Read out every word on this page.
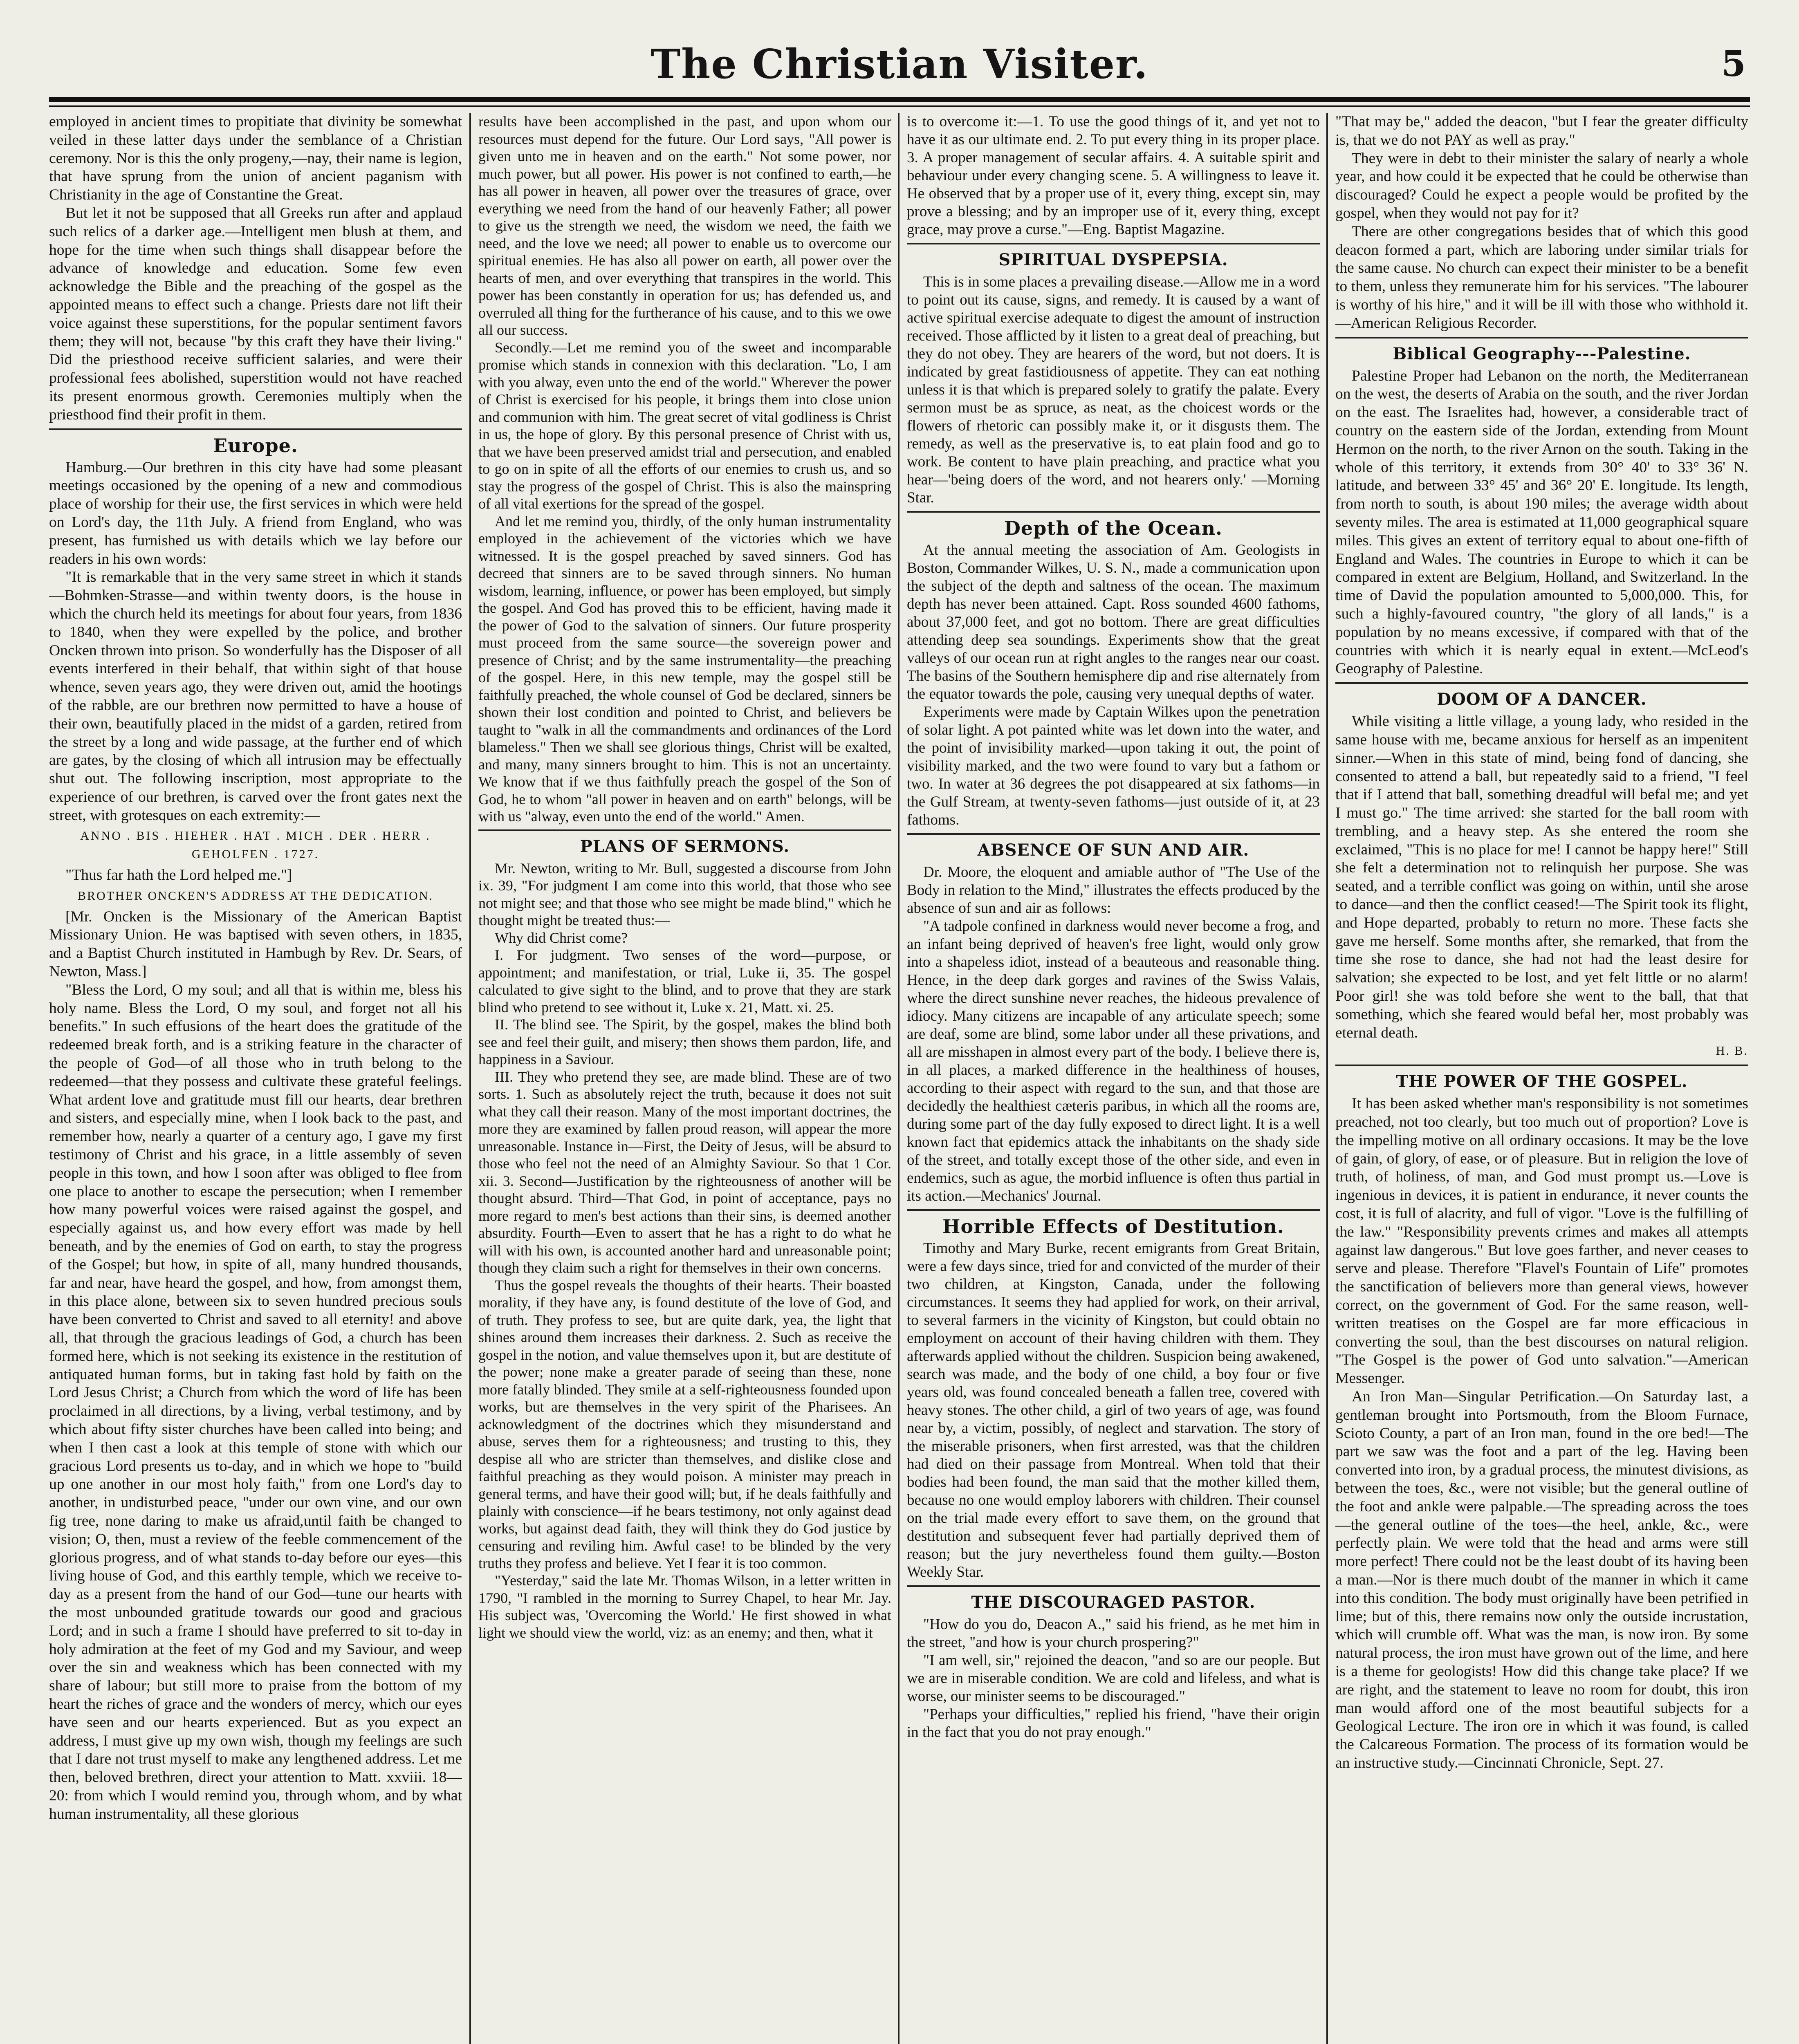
The Christian Visiter.	5

employed in ancient times to propitiate that divinity be somewhat veiled in these latter days under the semblance of a Christian ceremony. Nor is this the only progeny,—nay, their name is legion, that have sprung from the union of ancient paganism with Christianity in the age of Constantine the Great.

But let it not be supposed that all Greeks run after and applaud such relics of a darker age.—Intelligent men blush at them, and hope for the time when such things shall disappear before the advance of knowledge and education. Some few even acknowledge the Bible and the preaching of the gospel as the appointed means to effect such a change. Priests dare not lift their voice against these superstitions, for the popular sentiment favors them; they will not, because "by this craft they have their living." Did the priesthood receive sufficient salaries, and were their professional fees abolished, superstition would not have reached its present enormous growth. Ceremonies multiply when the priesthood find their profit in them.

Europe.

Hamburg.—Our brethren in this city have had some pleasant meetings occasioned by the opening of a new and commodious place of worship for their use, the first services in which were held on Lord's day, the 11th July. A friend from England, who was present, has furnished us with details which we lay before our readers in his own words:

"It is remarkable that in the very same street in which it stands—Bohmken-Strasse—and within twenty doors, is the house in which the church held its meetings for about four years, from 1836 to 1840, when they were expelled by the police, and brother Oncken thrown into prison. So wonderfully has the Disposer of all events interfered in their behalf, that within sight of that house whence, seven years ago, they were driven out, amid the hootings of the rabble, are our brethren now permitted to have a house of their own, beautifully placed in the midst of a garden, retired from the street by a long and wide passage, at the further end of which are gates, by the closing of which all intrusion may be effectually shut out. The following inscription, most appropriate to the experience of our brethren, is carved over the front gates next the street, with grotesques on each extremity:—

ANNO . BIS . HIEHER . HAT . MICH . DER . HERR . GEHOLFEN . 1727.

"Thus far hath the Lord helped me."]

BROTHER ONCKEN'S ADDRESS AT THE DEDICATION.

[Mr. Oncken is the Missionary of the American Baptist Missionary Union. He was baptised with seven others, in 1835, and a Baptist Church instituted in Hambugh by Rev. Dr. Sears, of Newton, Mass.]

"Bless the Lord, O my soul; and all that is within me, bless his holy name. Bless the Lord, O my soul, and forget not all his benefits." In such effusions of the heart does the gratitude of the redeemed break forth, and is a striking feature in the character of the people of God—of all those who in truth belong to the redeemed—that they possess and cultivate these grateful feelings. What ardent love and gratitude must fill our hearts, dear brethren and sisters, and especially mine, when I look back to the past, and remember how, nearly a quarter of a century ago, I gave my first testimony of Christ and his grace, in a little assembly of seven people in this town, and how I soon after was obliged to flee from one place to another to escape the persecution; when I remember how many powerful voices were raised against the gospel, and especially against us, and how every effort was made by hell beneath, and by the enemies of God on earth, to stay the progress of the Gospel; but how, in spite of all, many hundred thousands, far and near, have heard the gospel, and how, from amongst them, in this place alone, between six to seven hundred precious souls have been converted to Christ and saved to all eternity! and above all, that through the gracious leadings of God, a church has been formed here, which is not seeking its existence in the restitution of antiquated human forms, but in taking fast hold by faith on the Lord Jesus Christ; a Church from which the word of life has been proclaimed in all directions, by a living, verbal testimony, and by which about fifty sister churches have been called into being; and when I then cast a look at this temple of stone with which our gracious Lord presents us to-day, and in which we hope to "build up one another in our most holy faith," from one Lord's day to another, in undisturbed peace, "under our own vine, and our own fig tree, none daring to make us afraid,until faith be changed to vision; O, then, must a review of the feeble commencement of the glorious progress, and of what stands to-day before our eyes—this living house of God, and this earthly temple, which we receive to-day as a present from the hand of our God—tune our hearts with the most unbounded gratitude towards our good and gracious Lord; and in such a frame I should have preferred to sit to-day in holy admiration at the feet of my God and my Saviour, and weep over the sin and weakness which has been connected with my share of labour; but still more to praise from the bottom of my heart the riches of grace and the wonders of mercy, which our eyes have seen and our hearts experienced. But as you expect an address, I must give up my own wish, though my feelings are such that I dare not trust myself to make any lengthened address. Let me then, beloved brethren, direct your attention to Matt. xxviii. 18—20: from which I would remind you, through whom, and by what human instrumentality, all these glorious

results have been accomplished in the past, and upon whom our resources must depend for the future. Our Lord says, "All power is given unto me in heaven and on the earth." Not some power, nor much power, but all power. His power is not confined to earth,—he has all power in heaven, all power over the treasures of grace, over everything we need from the hand of our heavenly Father; all power to give us the strength we need, the wisdom we need, the faith we need, and the love we need; all power to enable us to overcome our spiritual enemies. He has also all power on earth, all power over the hearts of men, and over everything that transpires in the world. This power has been constantly in operation for us; has defended us, and overruled all thing for the furtherance of his cause, and to this we owe all our success.

Secondly.—Let me remind you of the sweet and incomparable promise which stands in connexion with this declaration. "Lo, I am with you alway, even unto the end of the world." Wherever the power of Christ is exercised for his people, it brings them into close union and communion with him. The great secret of vital godliness is Christ in us, the hope of glory. By this personal presence of Christ with us, that we have been preserved amidst trial and persecution, and enabled to go on in spite of all the efforts of our enemies to crush us, and so stay the progress of the gospel of Christ. This is also the mainspring of all vital exertions for the spread of the gospel.

And let me remind you, thirdly, of the only human instrumentality employed in the achievement of the victories which we have witnessed. It is the gospel preached by saved sinners. God has decreed that sinners are to be saved through sinners. No human wisdom, learning, influence, or power has been employed, but simply the gospel. And God has proved this to be efficient, having made it the power of God to the salvation of sinners. Our future prosperity must proceed from the same source—the sovereign power and presence of Christ; and by the same instrumentality—the preaching of the gospel. Here, in this new temple, may the gospel still be faithfully preached, the whole counsel of God be declared, sinners be shown their lost condition and pointed to Christ, and believers be taught to "walk in all the commandments and ordinances of the Lord blameless." Then we shall see glorious things, Christ will be exalted, and many, many sinners brought to him. This is not an uncertainty. We know that if we thus faithfully preach the gospel of the Son of God, he to whom "all power in heaven and on earth" belongs, will be with us "alway, even unto the end of the world." Amen.

PLANS OF SERMONS.

Mr. Newton, writing to Mr. Bull, suggested a discourse from John ix. 39, "For judgment I am come into this world, that those who see not might see; and that those who see might be made blind," which he thought might be treated thus:—

Why did Christ come?

I. For judgment. Two senses of the word—purpose, or appointment; and manifestation, or trial, Luke ii, 35. The gospel calculated to give sight to the blind, and to prove that they are stark blind who pretend to see without it, Luke x. 21, Matt. xi. 25.

II. The blind see. The Spirit, by the gospel, makes the blind both see and feel their guilt, and misery; then shows them pardon, life, and happiness in a Saviour.

III. They who pretend they see, are made blind. These are of two sorts. 1. Such as absolutely reject the truth, because it does not suit what they call their reason. Many of the most important doctrines, the more they are examined by fallen proud reason, will appear the more unreasonable. Instance in—First, the Deity of Jesus, will be absurd to those who feel not the need of an Almighty Saviour. So that 1 Cor. xii. 3. Second—Justification by the righteousness of another will be thought absurd. Third—That God, in point of acceptance, pays no more regard to men's best actions than their sins, is deemed another absurdity. Fourth—Even to assert that he has a right to do what he will with his own, is accounted another hard and unreasonable point; though they claim such a right for themselves in their own concerns.

Thus the gospel reveals the thoughts of their hearts. Their boasted morality, if they have any, is found destitute of the love of God, and of truth. They profess to see, but are quite dark, yea, the light that shines around them increases their darkness. 2. Such as receive the gospel in the notion, and value themselves upon it, but are destitute of the power; none make a greater parade of seeing than these, none more fatally blinded. They smile at a self-righteousness founded upon works, but are themselves in the very spirit of the Pharisees. An acknowledgment of the doctrines which they misunderstand and abuse, serves them for a righteousness; and trusting to this, they despise all who are stricter than themselves, and dislike close and faithful preaching as they would poison. A minister may preach in general terms, and have their good will; but, if he deals faithfully and plainly with conscience—if he bears testimony, not only against dead works, but against dead faith, they will think they do God justice by censuring and reviling him. Awful case! to be blinded by the very truths they profess and believe. Yet I fear it is too common.

"Yesterday," said the late Mr. Thomas Wilson, in a letter written in 1790, "I rambled in the morning to Surrey Chapel, to hear Mr. Jay. His subject was, 'Overcoming the World.' He first showed in what light we should view the world, viz: as an enemy; and then, what it

is to overcome it:—1. To use the good things of it, and yet not to have it as our ultimate end. 2. To put every thing in its proper place. 3. A proper management of secular affairs. 4. A suitable spirit and behaviour under every changing scene. 5. A willingness to leave it. He observed that by a proper use of it, every thing, except sin, may prove a blessing; and by an improper use of it, every thing, except grace, may prove a curse."—Eng. Baptist Magazine.

SPIRITUAL DYSPEPSIA.

This is in some places a prevailing disease.—Allow me in a word to point out its cause, signs, and remedy. It is caused by a want of active spiritual exercise adequate to digest the amount of instruction received. Those afflicted by it listen to a great deal of preaching, but they do not obey. They are hearers of the word, but not doers. It is indicated by great fastidiousness of appetite. They can eat nothing unless it is that which is prepared solely to gratify the palate. Every sermon must be as spruce, as neat, as the choicest words or the flowers of rhetoric can possibly make it, or it disgusts them. The remedy, as well as the preservative is, to eat plain food and go to work. Be content to have plain preaching, and practice what you hear—'being doers of the word, and not hearers only.' —Morning Star.

Depth of the Ocean.

At the annual meeting the association of Am. Geologists in Boston, Commander Wilkes, U. S. N., made a communication upon the subject of the depth and saltness of the ocean. The maximum depth has never been attained. Capt. Ross sounded 4600 fathoms, about 37,000 feet, and got no bottom. There are great difficulties attending deep sea soundings. Experiments show that the great valleys of our ocean run at right angles to the ranges near our coast. The basins of the Southern hemisphere dip and rise alternately from the equator towards the pole, causing very unequal depths of water.

Experiments were made by Captain Wilkes upon the penetration of solar light. A pot painted white was let down into the water, and the point of invisibility marked—upon taking it out, the point of visibility marked, and the two were found to vary but a fathom or two. In water at 36 degrees the pot disappeared at six fathoms—in the Gulf Stream, at twenty-seven fathoms—just outside of it, at 23 fathoms.

ABSENCE OF SUN AND AIR.

Dr. Moore, the eloquent and amiable author of "The Use of the Body in relation to the Mind," illustrates the effects produced by the absence of sun and air as follows:

"A tadpole confined in darkness would never become a frog, and an infant being deprived of heaven's free light, would only grow into a shapeless idiot, instead of a beauteous and reasonable thing. Hence, in the deep dark gorges and ravines of the Swiss Valais, where the direct sunshine never reaches, the hideous prevalence of idiocy. Many citizens are incapable of any articulate speech; some are deaf, some are blind, some labor under all these privations, and all are misshapen in almost every part of the body. I believe there is, in all places, a marked difference in the healthiness of houses, according to their aspect with regard to the sun, and that those are decidedly the healthiest cæteris paribus, in which all the rooms are, during some part of the day fully exposed to direct light. It is a well known fact that epidemics attack the inhabitants on the shady side of the street, and totally except those of the other side, and even in endemics, such as ague, the morbid influence is often thus partial in its action.—Mechanics' Journal.

Horrible Effects of Destitution.

Timothy and Mary Burke, recent emigrants from Great Britain, were a few days since, tried for and convicted of the murder of their two children, at Kingston, Canada, under the following circumstances. It seems they had applied for work, on their arrival, to several farmers in the vicinity of Kingston, but could obtain no employment on account of their having children with them. They afterwards applied without the children. Suspicion being awakened, search was made, and the body of one child, a boy four or five years old, was found concealed beneath a fallen tree, covered with heavy stones. The other child, a girl of two years of age, was found near by, a victim, possibly, of neglect and starvation. The story of the miserable prisoners, when first arrested, was that the children had died on their passage from Montreal. When told that their bodies had been found, the man said that the mother killed them, because no one would employ laborers with children. Their counsel on the trial made every effort to save them, on the ground that destitution and subsequent fever had partially deprived them of reason; but the jury nevertheless found them guilty.—Boston Weekly Star.

THE DISCOURAGED PASTOR.

"How do you do, Deacon A.," said his friend, as he met him in the street, "and how is your church prospering?"

"I am well, sir," rejoined the deacon, "and so are our people. But we are in miserable condition. We are cold and lifeless, and what is worse, our minister seems to be discouraged."

"Perhaps your difficulties," replied his friend, "have their origin in the fact that you do not pray enough."

"That may be," added the deacon, "but I fear the greater difficulty is, that we do not PAY as well as pray."

They were in debt to their minister the salary of nearly a whole year, and how could it be expected that he could be otherwise than discouraged? Could he expect a people would be profited by the gospel, when they would not pay for it?

There are other congregations besides that of which this good deacon formed a part, which are laboring under similar trials for the same cause. No church can expect their minister to be a benefit to them, unless they remunerate him for his services. "The labourer is worthy of his hire," and it will be ill with those who withhold it.—American Religious Recorder.

Biblical Geography---Palestine.

Palestine Proper had Lebanon on the north, the Mediterranean on the west, the deserts of Arabia on the south, and the river Jordan on the east. The Israelites had, however, a considerable tract of country on the eastern side of the Jordan, extending from Mount Hermon on the north, to the river Arnon on the south. Taking in the whole of this territory, it extends from 30° 40' to 33° 36' N. latitude, and between 33° 45' and 36° 20' E. longitude. Its length, from north to south, is about 190 miles; the average width about seventy miles. The area is estimated at 11,000 geographical square miles. This gives an extent of territory equal to about one-fifth of England and Wales. The countries in Europe to which it can be compared in extent are Belgium, Holland, and Switzerland. In the time of David the population amounted to 5,000,000. This, for such a highly-favoured country, "the glory of all lands," is a population by no means excessive, if compared with that of the countries with which it is nearly equal in extent.—McLeod's Geography of Palestine.

DOOM OF A DANCER.

While visiting a little village, a young lady, who resided in the same house with me, became anxious for herself as an impenitent sinner.—When in this state of mind, being fond of dancing, she consented to attend a ball, but repeatedly said to a friend, "I feel that if I attend that ball, something dreadful will befal me; and yet I must go." The time arrived: she started for the ball room with trembling, and a heavy step. As she entered the room she exclaimed, "This is no place for me! I cannot be happy here!" Still she felt a determination not to relinquish her purpose. She was seated, and a terrible conflict was going on within, until she arose to dance—and then the conflict ceased!—The Spirit took its flight, and Hope departed, probably to return no more. These facts she gave me herself. Some months after, she remarked, that from the time she rose to dance, she had not had the least desire for salvation; she expected to be lost, and yet felt little or no alarm! Poor girl! she was told before she went to the ball, that that something, which she feared would befal her, most probably was eternal death.

H. B.
THE POWER OF THE GOSPEL.

It has been asked whether man's responsibility is not sometimes preached, not too clearly, but too much out of proportion? Love is the impelling motive on all ordinary occasions. It may be the love of gain, of glory, of ease, or of pleasure. But in religion the love of truth, of holiness, of man, and God must prompt us.—Love is ingenious in devices, it is patient in endurance, it never counts the cost, it is full of alacrity, and full of vigor. "Love is the fulfilling of the law." "Responsibility prevents crimes and makes all attempts against law dangerous." But love goes farther, and never ceases to serve and please. Therefore "Flavel's Fountain of Life" promotes the sanctification of believers more than general views, however correct, on the government of God. For the same reason, well-written treatises on the Gospel are far more efficacious in converting the soul, than the best discourses on natural religion. "The Gospel is the power of God unto salvation."—American Messenger.

An Iron Man—Singular Petrification.—On Saturday last, a gentleman brought into Portsmouth, from the Bloom Furnace, Scioto County, a part of an Iron man, found in the ore bed!—The part we saw was the foot and a part of the leg. Having been converted into iron, by a gradual process, the minutest divisions, as between the toes, &c., were not visible; but the general outline of the foot and ankle were palpable.—The spreading across the toes—the general outline of the toes—the heel, ankle, &c., were perfectly plain. We were told that the head and arms were still more perfect! There could not be the least doubt of its having been a man.—Nor is there much doubt of the manner in which it came into this condition. The body must originally have been petrified in lime; but of this, there remains now only the outside incrustation, which will crumble off. What was the man, is now iron. By some natural process, the iron must have grown out of the lime, and here is a theme for geologists! How did this change take place? If we are right, and the statement to leave no room for doubt, this iron man would afford one of the most beautiful subjects for a Geological Lecture. The iron ore in which it was found, is called the Calcareous Formation. The process of its formation would be an instructive study.—Cincinnati Chronicle, Sept. 27.
